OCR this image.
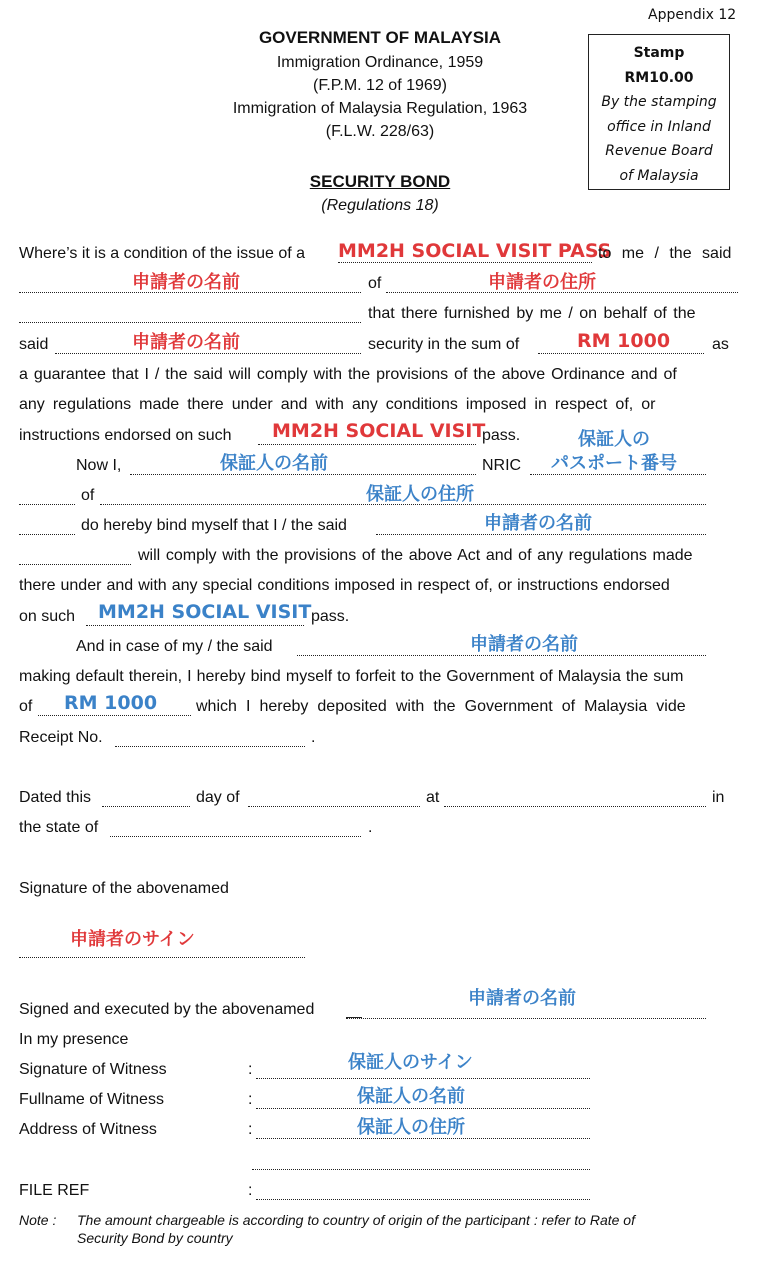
Appendix 12
GOVERNMENT OF MALAYSIA
Immigration Ordinance, 1959
(F.P.M. 12 of 1969)
Immigration of Malaysia Regulation, 1963
(F.L.W. 228/63)
SECURITY BOND
(Regulations 18)
Stamp
RM10.00
By the stamping
office in Inland
Revenue Board
of Malaysia
Where’s it is a condition of the issue of a MM2H SOCIAL VISIT PASS
to me / the said
申請者の名前	of	申請者の住所
that there furnished by me / on behalf of the
said	申請者の名前	security in the sum of	RM 1000	as
a guarantee that I / the said will comply with the provisions of the above Ordinance and of
any regulations made there under and with any conditions imposed in respect of, or
instructions endorsed on such MM2H SOCIAL VISIT
pass.
Now I,	保証人の名前	NRIC
保証人の
パスポート番号
of	保証人の住所
do hereby bind myself that I / the said	申請者の名前
will comply with the provisions of the above Act and of any regulations made
there under and with any special conditions imposed in respect of, or instructions endorsed
on such MM2H SOCIAL VISIT pass.
And in case of my / the said	申請者の名前
making default therein, I hereby bind myself to forfeit to the Government of Malaysia the sum
of RM 1000 which I hereby deposited with the Government of Malaysia vide
Receipt No.	.
Dated this	day of	at	in
the state of	.
Signature of the abovenamed
申請者のサイン
Signed and executed by the abovenamed
申請者の名前
In my presence
Signature of Witness	:	保証人のサイン
Fullname of Witness	:	保証人の名前
Address of Witness	:	保証人の住所
FILE REF	:
Note : The amount chargeable is according to country of origin of the participant : refer to Rate of
Security Bond by country
